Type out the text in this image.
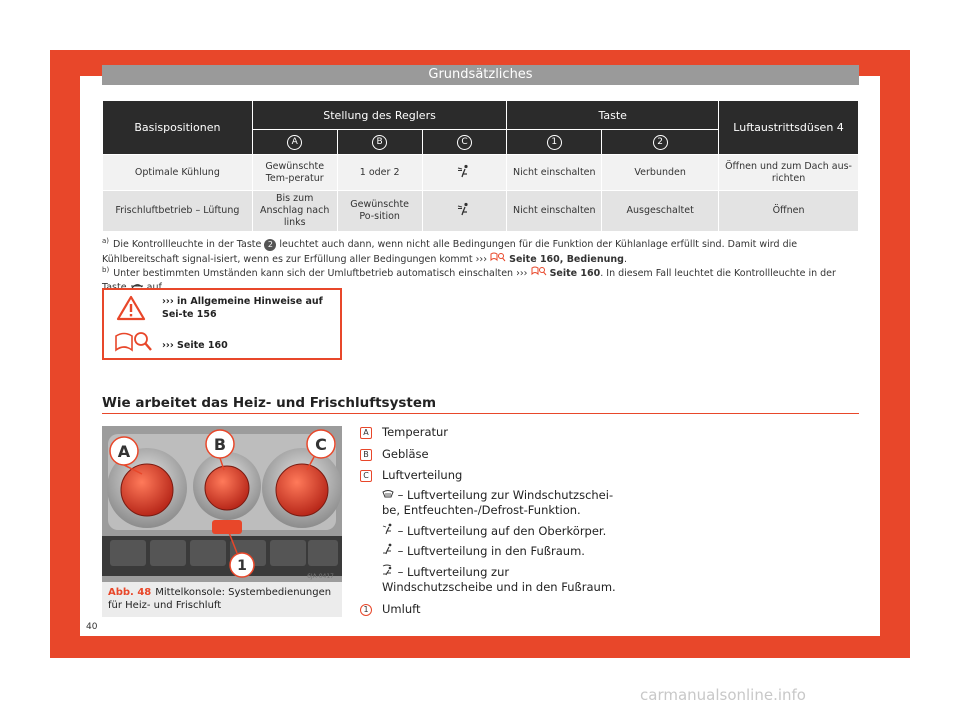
Grundsätzliches
Basispositionen	Stellung des Reglers			Taste		Luftaustrittsdüsen 4
	A	B	C	1	2	
Optimale Kühlung	Gewünschte Tem-peratur	1 oder 2		Nicht einschalten	Verbunden	Öffnen und zum Dach aus-richten
Frischluftbetrieb – Lüftung	Bis zum Anschlag nach links	Gewünschte Po-sition		Nicht einschalten	Ausgeschaltet	Öffnen
$^{a)}$ Die Kontrollleuchte in der Taste 2 leuchtet auch dann, wenn nicht alle Bedingungen für die Funktion der Kühlanlage erfüllt sind. Damit wird die Kühlbereitschaft signal-isiert, wenn es zur Erfüllung aller Bedingungen kommt ››› Seite 160, Bedienung.
$^{b)}$ Unter bestimmten Umständen kann sich der Umluftbetrieb automatisch einschalten ››› Seite 160. In diesem Fall leuchtet die Kontrollleuchte in der
››› in Allgemeine Hinweise auf Sei-te 156
››› Seite 160
Wie arbeitet das Heiz- und Frischluftsystem
A	B	C
1
6JA-0417
Abb. 48 Mittelkonsole: Systembedienungen für Heiz- und Frischluft
A Temperatur
B Gebläse
C Luftverteilung
– Luftverteilung zur Windschutzschei-be, Entfeuchten-/Defrost-Funktion.
– Luftverteilung auf den Oberkörper.
– Luftverteilung in den Fußraum.
– Luftverteilung zur Windschutzscheibe und in den Fußraum.
1	Umluft
40
carmanualsonline.info
